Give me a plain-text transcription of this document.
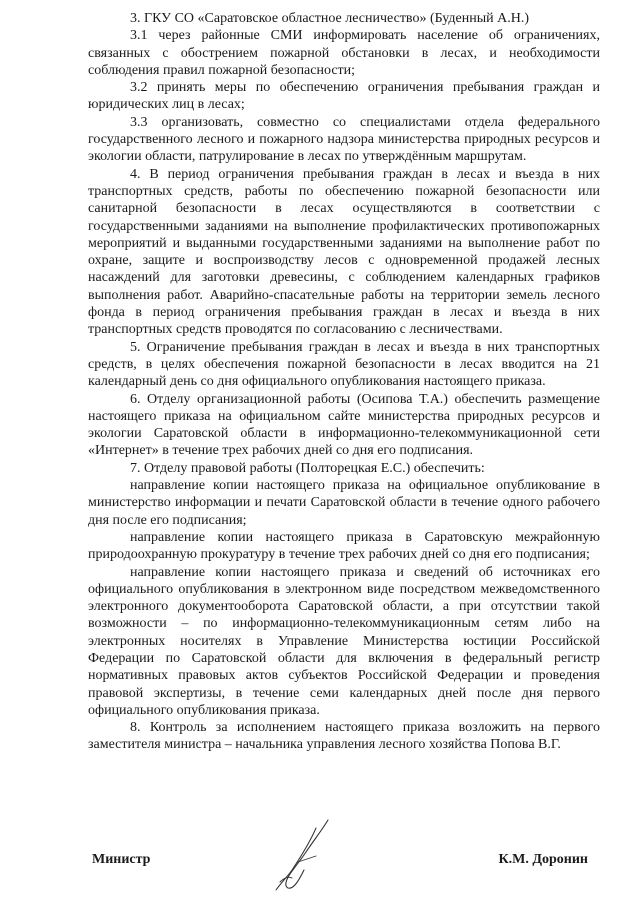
3. ГКУ СО «Саратовское областное лесничество» (Буденный А.Н.)

3.1 через районные СМИ информировать население об ограничениях, связанных с обострением пожарной обстановки в лесах, и необходимости соблюдения правил пожарной безопасности;

3.2 принять меры по обеспечению ограничения пребывания граждан и юридических лиц в лесах;

3.3 организовать, совместно со специалистами отдела федерального государственного лесного и пожарного надзора министерства природных ресурсов и экологии области, патрулирование в лесах по утверждённым маршрутам.

4. В период ограничения пребывания граждан в лесах и въезда в них транспортных средств, работы по обеспечению пожарной безопасности или санитарной безопасности в лесах осуществляются в соответствии с государственными заданиями на выполнение профилактических противопожарных мероприятий и выданными государственными заданиями на выполнение работ по охране, защите и воспроизводству лесов с одновременной продажей лесных насаждений для заготовки древесины, с соблюдением календарных графиков выполнения работ. Аварийно-спасательные работы на территории земель лесного фонда в период ограничения пребывания граждан в лесах и въезда в них транспортных средств проводятся по согласованию с лесничествами.

5. Ограничение пребывания граждан в лесах и въезда в них транспортных средств, в целях обеспечения пожарной безопасности в лесах вводится на 21 календарный день со дня официального опубликования настоящего приказа.

6. Отделу организационной работы (Осипова Т.А.) обеспечить размещение настоящего приказа на официальном сайте министерства природных ресурсов и экологии Саратовской области в информационно-телекоммуникационной сети «Интернет» в течение трех рабочих дней со дня его подписания.

7. Отделу правовой работы (Полторецкая Е.С.) обеспечить:

направление копии настоящего приказа на официальное опубликование в министерство информации и печати Саратовской области в течение одного рабочего дня после его подписания;

направление копии настоящего приказа в Саратовскую межрайонную природоохранную прокуратуру в течение трех рабочих дней со дня его подписания;

направление копии настоящего приказа и сведений об источниках его официального опубликования в электронном виде посредством межведомственного электронного документооборота Саратовской области, а при отсутствии такой возможности – по информационно-телекоммуникационным сетям либо на электронных носителях в Управление Министерства юстиции Российской Федерации по Саратовской области для включения в федеральный регистр нормативных правовых актов субъектов Российской Федерации и проведения правовой экспертизы, в течение семи календарных дней после дня первого официального опубликования приказа.

8. Контроль за исполнением настоящего приказа возложить на первого заместителя министра – начальника управления лесного хозяйства Попова В.Г.

Министр	К.М. Доронин
